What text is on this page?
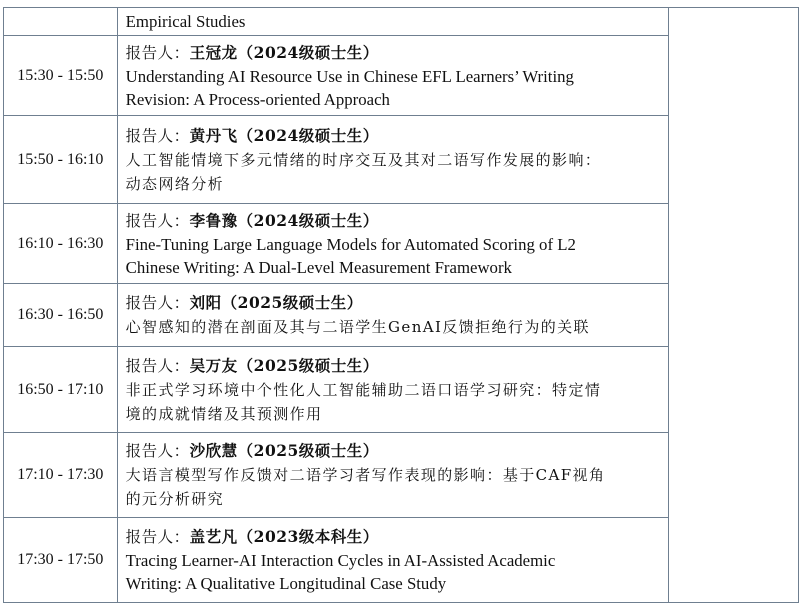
	Empirical Studies	

15:30 - 15:50	报告人：王冠龙（2024级硕士生）
Understanding AI Resource Use in Chinese EFL Learners’ Writing
Revision: A Process-oriented Approach	

15:50 - 16:10	报告人：黄丹飞（2024级硕士生）
人工智能情境下多元情绪的时序交互及其对二语写作发展的影响：
动态网络分析	

16:10 - 16:30	报告人：李鲁豫（2024级硕士生）
Fine-Tuning Large Language Models for Automated Scoring of L2
Chinese Writing: A Dual-Level Measurement Framework	

16:30 - 16:50	报告人：刘阳（2025级硕士生）
心智感知的潜在剖面及其与二语学生GenAI反馈拒绝行为的关联	

16:50 - 17:10	报告人：吴万友（2025级硕士生）
非正式学习环境中个性化人工智能辅助二语口语学习研究：特定情
境的成就情绪及其预测作用	

17:10 - 17:30	报告人：沙欣慧（2025级硕士生）
大语言模型写作反馈对二语学习者写作表现的影响：基于CAF视角
的元分析研究	

17:30 - 17:50	报告人：盖艺凡（2023级本科生）
Tracing Learner-AI Interaction Cycles in AI-Assisted Academic
Writing: A Qualitative Longitudinal Case Study	
